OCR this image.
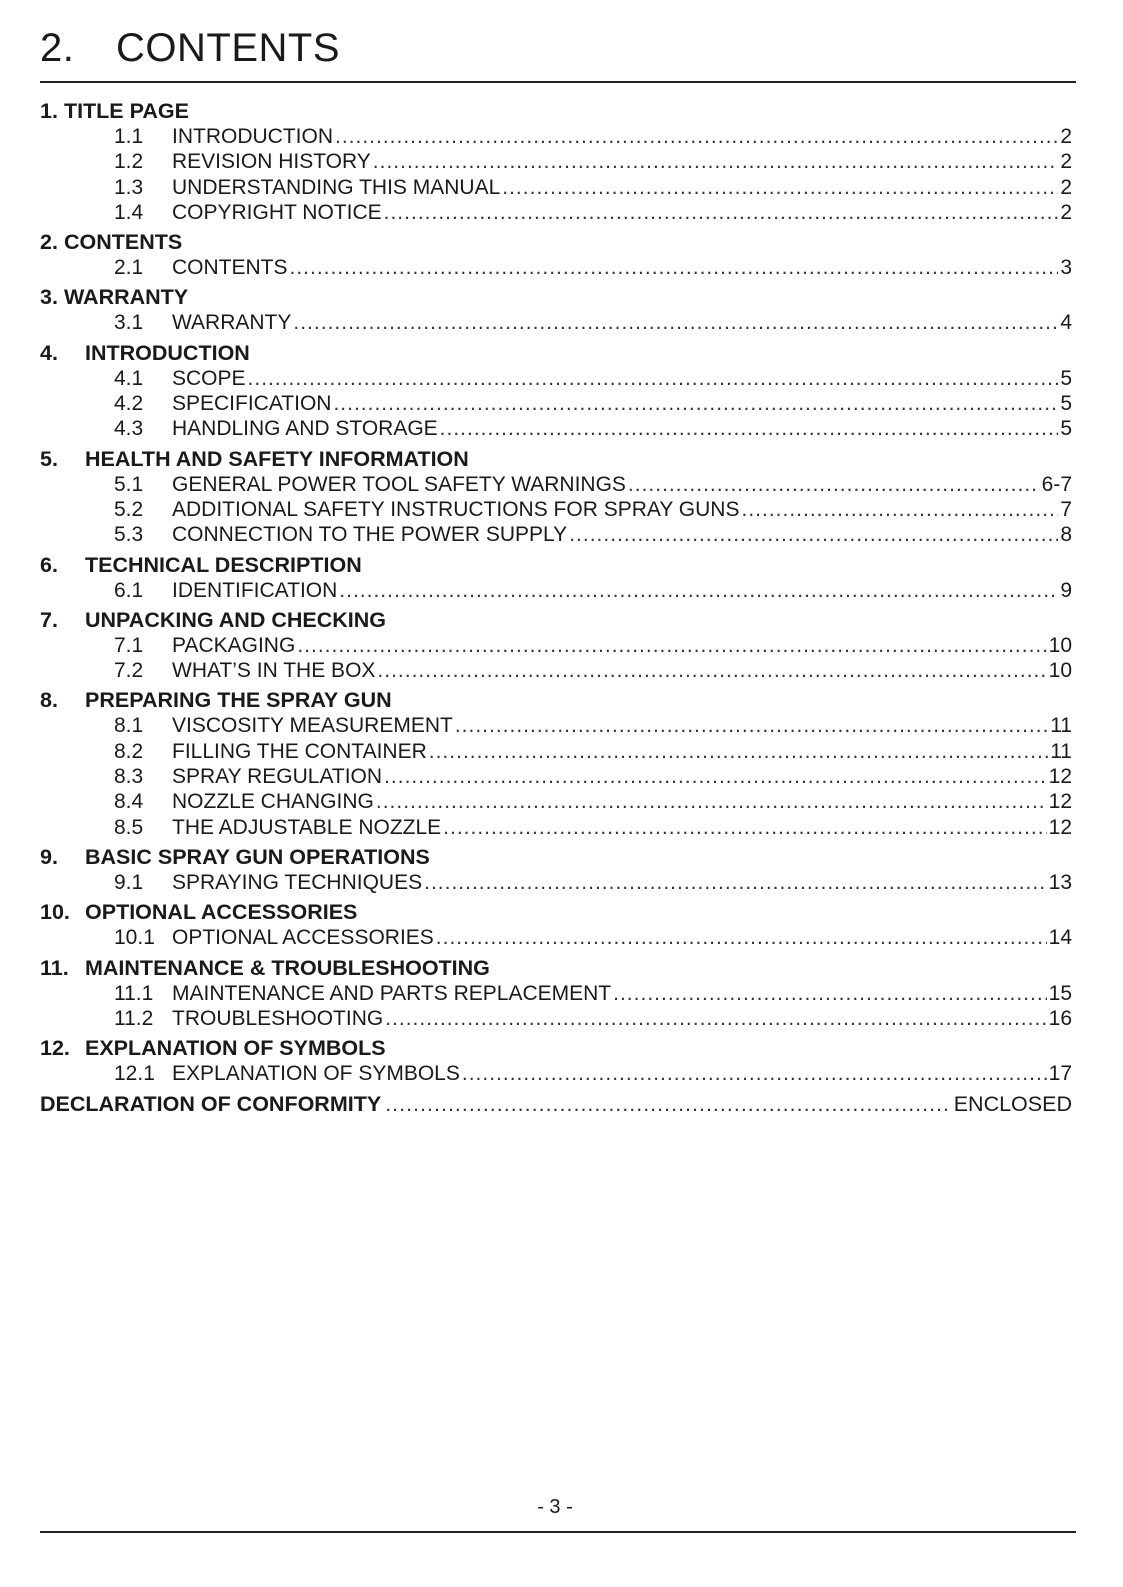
2.	CONTENTS
1. TITLE PAGE
1.1	INTRODUCTION .....	2
1.2	REVISION HISTORY .....	2
1.3	UNDERSTANDING THIS MANUAL .....	2
1.4	COPYRIGHT NOTICE .....	2
2. CONTENTS
2.1	CONTENTS .....	3
3. WARRANTY
3.1	WARRANTY .....	4
4.	INTRODUCTION
4.1	SCOPE .....	5
4.2	SPECIFICATION .....	5
4.3	HANDLING AND STORAGE .....	5
5.	HEALTH AND SAFETY INFORMATION
5.1	GENERAL POWER TOOL SAFETY WARNINGS .....	6-7
5.2	ADDITIONAL SAFETY INSTRUCTIONS FOR SPRAY GUNS .....	7
5.3	CONNECTION TO THE POWER SUPPLY .....	8
6.	TECHNICAL DESCRIPTION
6.1	IDENTIFICATION .....	9
7.	UNPACKING AND CHECKING
7.1	PACKAGING .....	10
7.2	WHAT’S IN THE BOX .....	10
8.	PREPARING THE SPRAY GUN
8.1	VISCOSITY MEASUREMENT .....	11
8.2	FILLING THE CONTAINER .....	11
8.3	SPRAY REGULATION .....	12
8.4	NOZZLE CHANGING .....	12
8.5	THE ADJUSTABLE NOZZLE .....	12
9.	BASIC SPRAY GUN OPERATIONS
9.1	SPRAYING TECHNIQUES .....	13
10. OPTIONAL ACCESSORIES
10.1 OPTIONAL ACCESSORIES .....	14
11. MAINTENANCE & TROUBLESHOOTING
11.1 MAINTENANCE AND PARTS REPLACEMENT .....	15
11.2 TROUBLESHOOTING .....	16
12. EXPLANATION OF SYMBOLS
12.1 EXPLANATION OF SYMBOLS .....	17
DECLARATION OF CONFORMITY .....	ENCLOSED
- 3 -
